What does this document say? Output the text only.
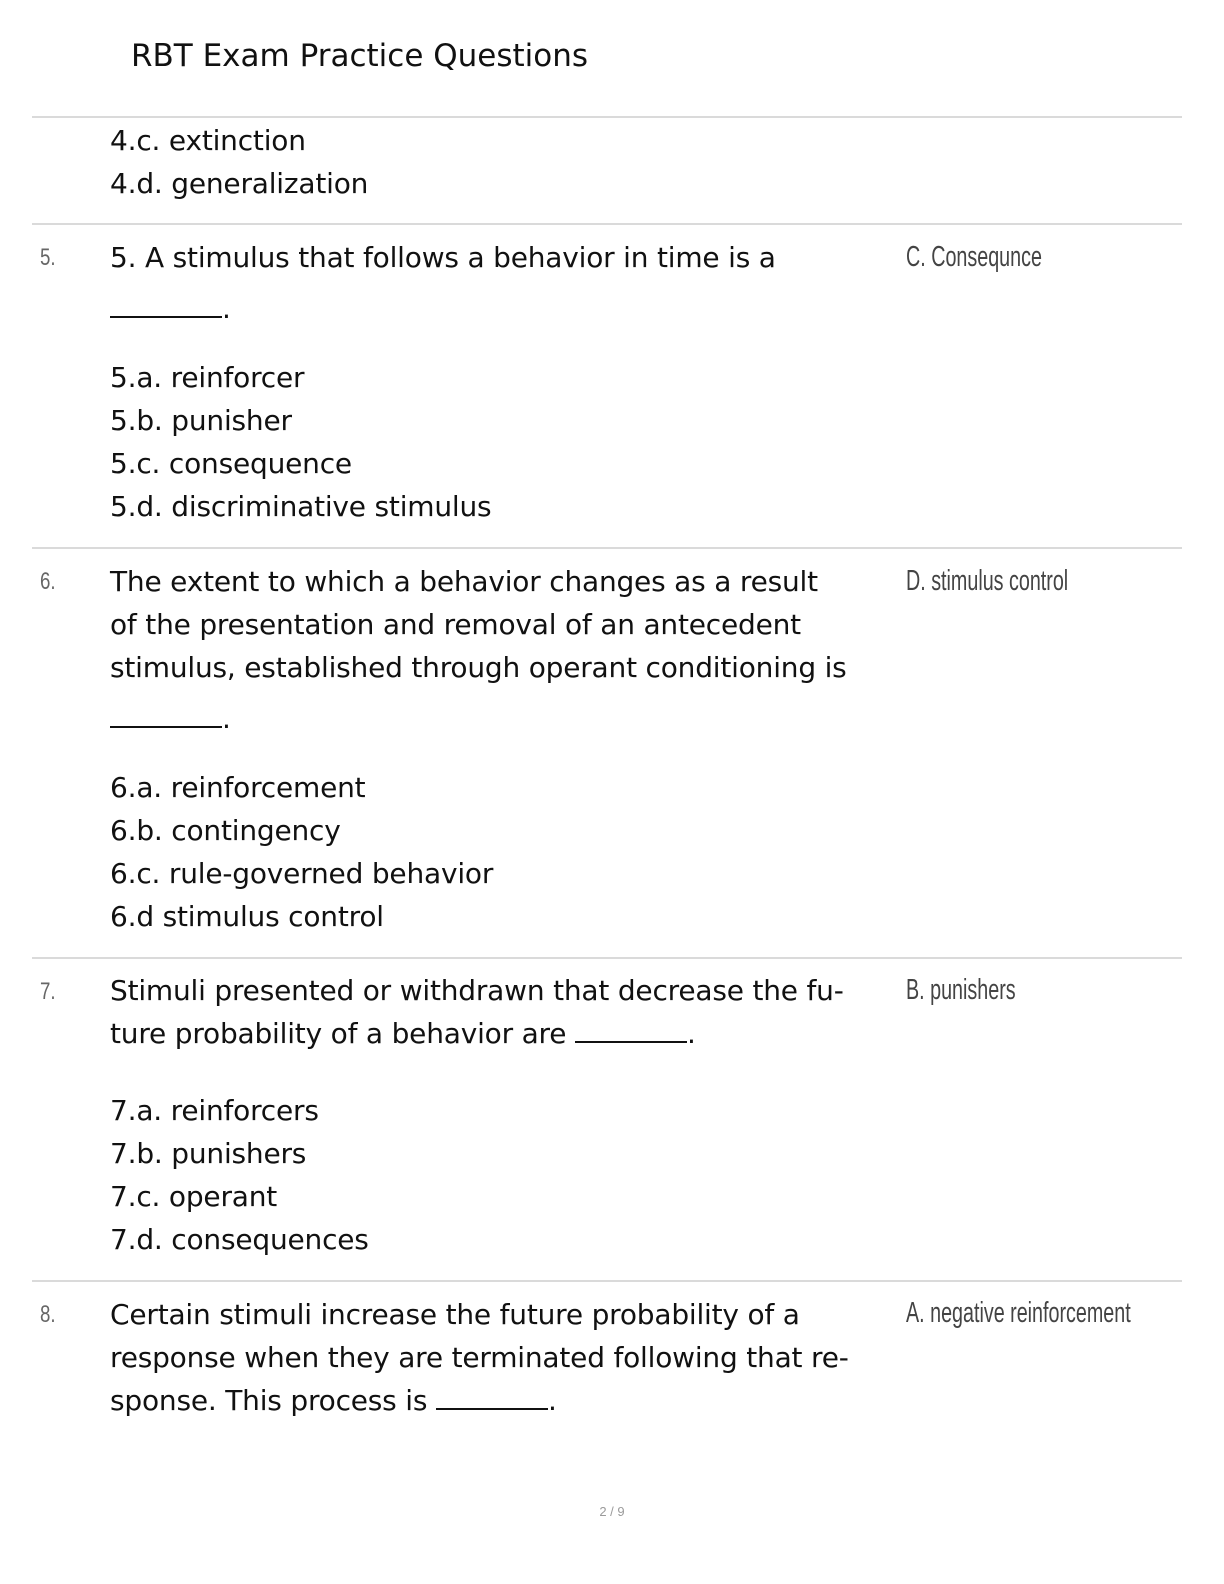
RBT Exam Practice Questions
4.c. extinction
4.d. generalization
5. 5. A stimulus that follows a behavior in time is a
.
5.a. reinforcer
5.b. punisher
5.c. consequence
5.d. discriminative stimulus
C. Consequnce
6. The extent to which a behavior changes as a result
of the presentation and removal of an antecedent
stimulus, established through operant conditioning is
.
6.a. reinforcement
6.b. contingency
6.c. rule-governed behavior
6.d stimulus control
D. stimulus control
7. Stimuli presented or withdrawn that decrease the fu-
ture probability of a behavior are	.
7.a. reinforcers
7.b. punishers
7.c. operant
7.d. consequences
B. punishers
8. Certain stimuli increase the future probability of a
response when they are terminated following that re-
sponse. This process is	.
A. negative reinforcement
2 / 9
